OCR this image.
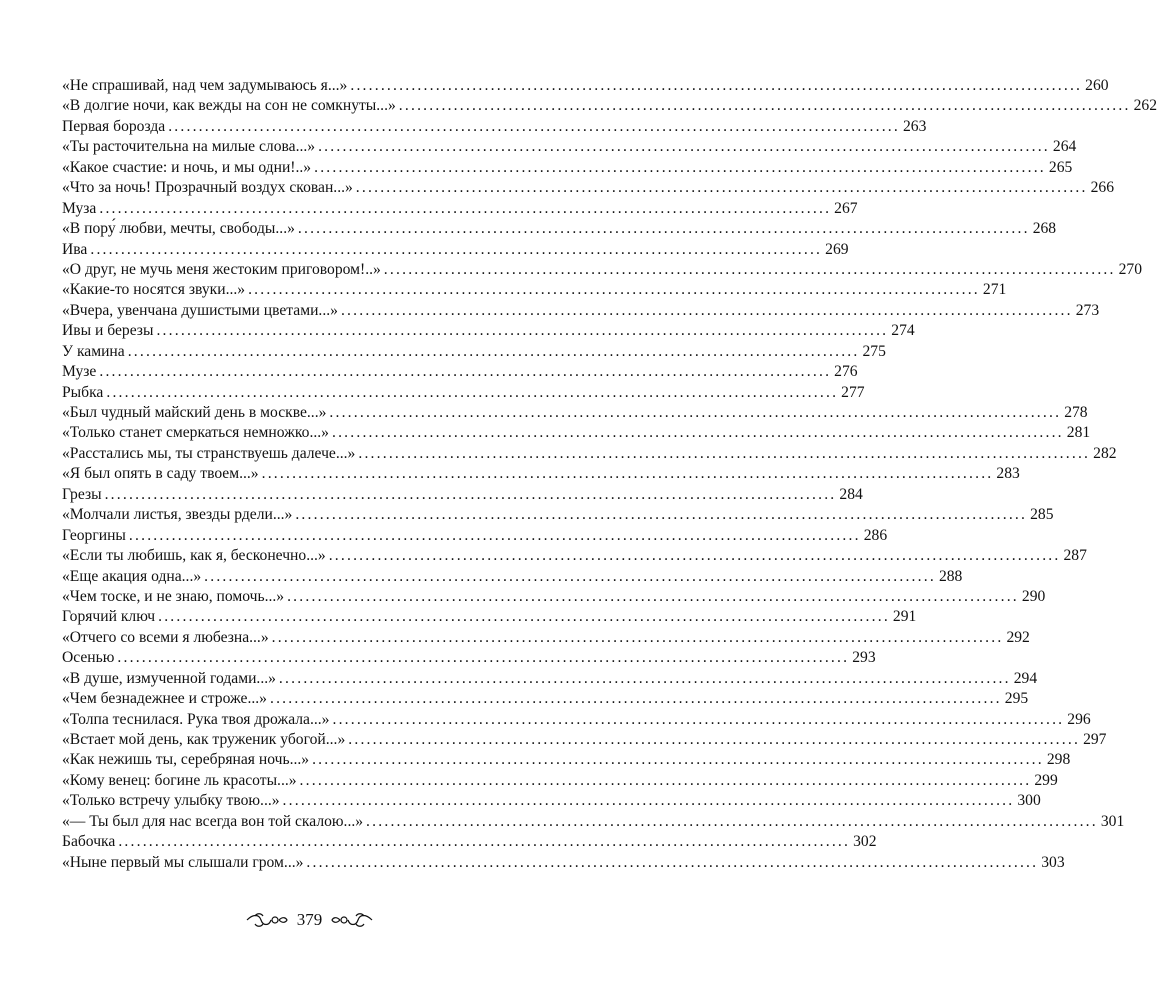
«Не спрашивай, над чем задумываюсь я...» ........................................................................................................................ 260
«В долгие ночи, как вежды на сон не сомкнуты...» ........................................................................................................................ 262
Первая борозда ........................................................................................................................ 263
«Ты расточительна на милые слова...» ........................................................................................................................ 264
«Какое счастие: и ночь, и мы одни!..» ........................................................................................................................ 265
«Что за ночь! Прозрачный воздух скован...» ........................................................................................................................ 266
Муза ........................................................................................................................ 267
«В пору́ любви, мечты, свободы...» ........................................................................................................................ 268
Ива ........................................................................................................................ 269
«О друг, не мучь меня жестоким приговором!..» ........................................................................................................................ 270
«Какие-то носятся звуки...» ........................................................................................................................ 271
«Вчера, увенчана душистыми цветами...» ........................................................................................................................ 273
Ивы и березы ........................................................................................................................ 274
У камина ........................................................................................................................ 275
Музе ........................................................................................................................ 276
Рыбка ........................................................................................................................ 277
«Был чудный майский день в москве...» ........................................................................................................................ 278
«Только станет смеркаться немножко...» ........................................................................................................................ 281
«Расстались мы, ты странствуешь далече...» ........................................................................................................................ 282
«Я был опять в саду твоем...» ........................................................................................................................ 283
Грезы ........................................................................................................................ 284
«Молчали листья, звезды рдели...» ........................................................................................................................ 285
Георгины ........................................................................................................................ 286
«Если ты любишь, как я, бесконечно...» ........................................................................................................................ 287
«Еще акация одна...» ........................................................................................................................ 288
«Чем тоске, и не знаю, помочь...» ........................................................................................................................ 290
Горячий ключ ........................................................................................................................ 291
«Отчего со всеми я любезна...» ........................................................................................................................ 292
Осенью ........................................................................................................................ 293
«В душе, измученной годами...» ........................................................................................................................ 294
«Чем безнадежнее и строже...» ........................................................................................................................ 295
«Толпа теснилася. Рука твоя дрожала...» ........................................................................................................................ 296
«Встает мой день, как труженик убогой...» ........................................................................................................................ 297
«Как нежишь ты, серебряная ночь...» ........................................................................................................................ 298
«Кому венец: богине ль красоты...» ........................................................................................................................ 299
«Только встречу улыбку твою...» ........................................................................................................................ 300
«— Ты был для нас всегда вон той скалою...» ........................................................................................................................ 301
Бабочка ........................................................................................................................ 302
«Ныне первый мы слышали гром...» ........................................................................................................................ 303
379
